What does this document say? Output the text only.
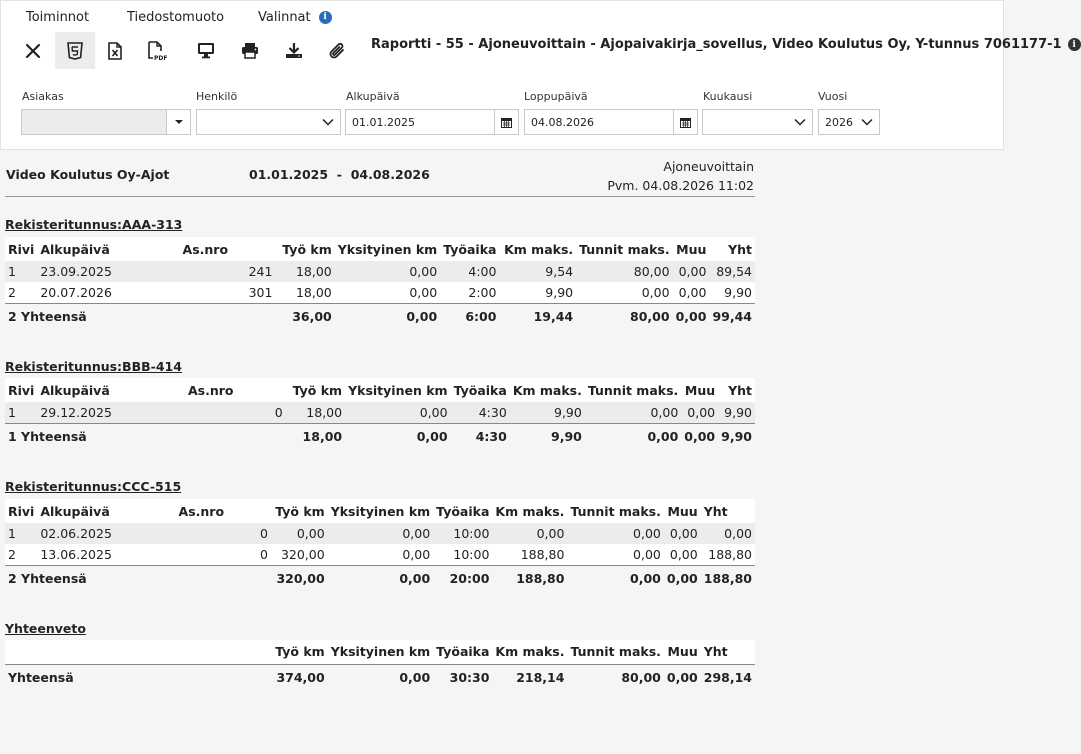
Toiminnot	Tiedostomuoto	Valinnat	i
PDF
Raportti - 55 - Ajoneuvoittain - Ajopaivakirja_sovellus, Video Koulutus Oy, Y-tunnus 7061177-1	i
Asiakas	Henkilö	Alkupäivä
01.01.2025
Loppupäivä
04.08.2026
Kuukausi	Vuosi
2026
Video Koulutus Oy-Ajot	01.01.2025 - 04.08.2026
Ajoneuvoittain
Pvm. 04.08.2026 11:02
Rekisteritunnus:AAA-313
Rivi	Alkupäivä	As.nro	Työ km	Yksityinen km	Työaika	Km maks.	Tunnit maks.	Muu	Yht
1	23.09.2025	241	18,00	0,00	4:00	9,54	80,00	0,00	89,54
2	20.07.2026	301	18,00	0,00	2:00	9,90	0,00	0,00	9,90
2 Yhteensä			36,00	0,00	6:00	19,44	80,00	0,00	99,44
Rekisteritunnus:BBB-414
Rivi	Alkupäivä	As.nro	Työ km	Yksityinen km	Työaika	Km maks.	Tunnit maks.	Muu	Yht
1	29.12.2025	0	18,00	0,00	4:30	9,90	0,00	0,00	9,90
1 Yhteensä			18,00	0,00	4:30	9,90	0,00	0,00	9,90
Rekisteritunnus:CCC-515
Rivi	Alkupäivä	As.nro	Työ km	Yksityinen km	Työaika	Km maks.	Tunnit maks.	Muu	Yht
1	02.06.2025	0	0,00	0,00	10:00	0,00	0,00	0,00	0,00
2	13.06.2025	0	320,00	0,00	10:00	188,80	0,00	0,00	188,80
2 Yhteensä			320,00	0,00	20:00	188,80	0,00	0,00	188,80
Yhteenveto
	Työ km	Yksityinen km	Työaika	Km maks.	Tunnit maks.	Muu	Yht
Yhteensä	374,00	0,00	30:30	218,14	80,00	0,00	298,14
